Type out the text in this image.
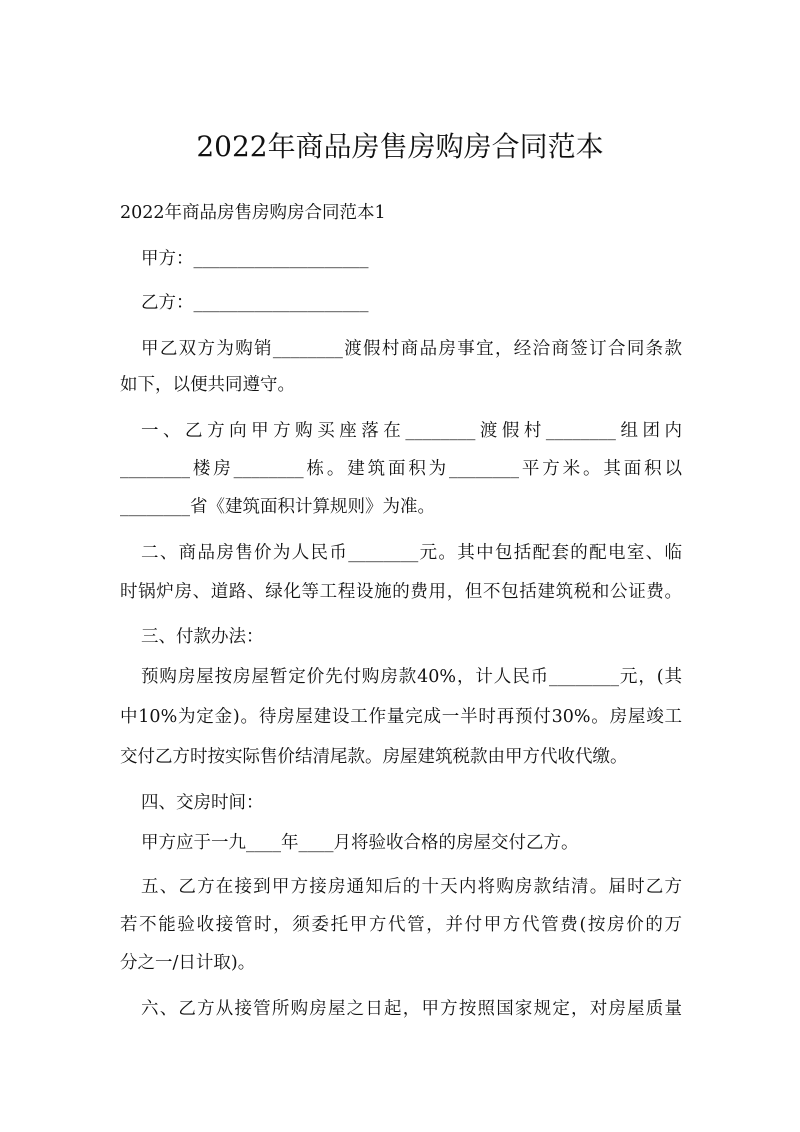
2022年商品房售房购房合同范本
2022年商品房售房购房合同范本1
甲方：____________________
乙方：____________________
甲乙双方为购销________渡假村商品房事宜，经洽商签订合同条款
如下，以便共同遵守。
一、乙方向甲方购买座落在________渡假村________组团内
________楼房________栋。建筑面积为________平方米。其面积以
________省《建筑面积计算规则》为准。
二、商品房售价为人民币________元。其中包括配套的配电室、临
时锅炉房、道路、绿化等工程设施的费用，但不包括建筑税和公证费。
三、付款办法：
预购房屋按房屋暂定价先付购房款40%，计人民币________元，(其
中10%为定金)。待房屋建设工作量完成一半时再预付30%。房屋竣工
交付乙方时按实际售价结清尾款。房屋建筑税款由甲方代收代缴。
四、交房时间：
甲方应于一九____年____月将验收合格的房屋交付乙方。
五、乙方在接到甲方接房通知后的十天内将购房款结清。届时乙方
若不能验收接管时，须委托甲方代管，并付甲方代管费(按房价的万
分之一/日计取)。
六、乙方从接管所购房屋之日起，甲方按照国家规定，对房屋质量
